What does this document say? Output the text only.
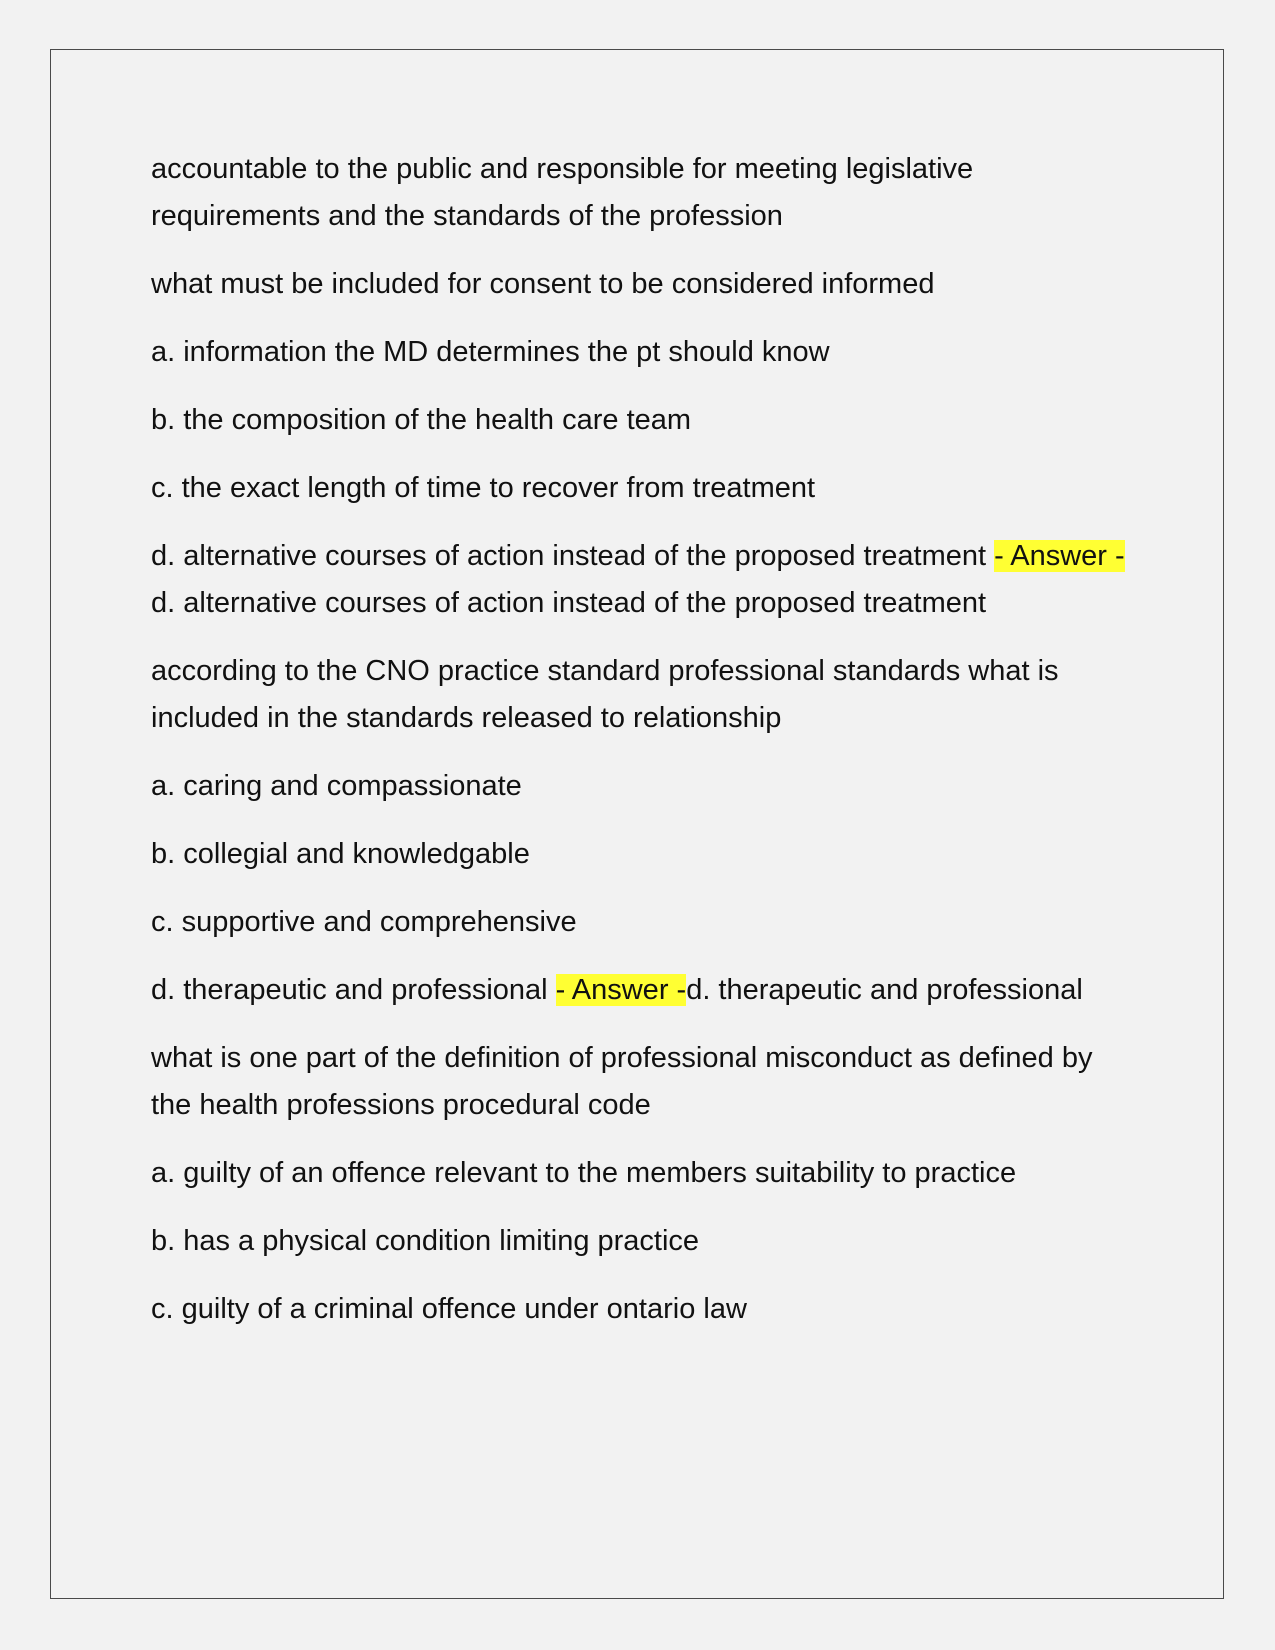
accountable to the public and responsible for meeting legislative requirements and the standards of the profession

what must be included for consent to be considered informed

a. information the MD determines the pt should know

b. the composition of the health care team

c. the exact length of time to recover from treatment

d. alternative courses of action instead of the proposed treatment - Answer -d. alternative courses of action instead of the proposed treatment

according to the CNO practice standard professional standards what is included in the standards released to relationship

a. caring and compassionate

b. collegial and knowledgable

c. supportive and comprehensive

d. therapeutic and professional - Answer -d. therapeutic and professional

what is one part of the definition of professional misconduct as defined by the health professions procedural code

a. guilty of an offence relevant to the members suitability to practice

b. has a physical condition limiting practice

c. guilty of a criminal offence under ontario law
